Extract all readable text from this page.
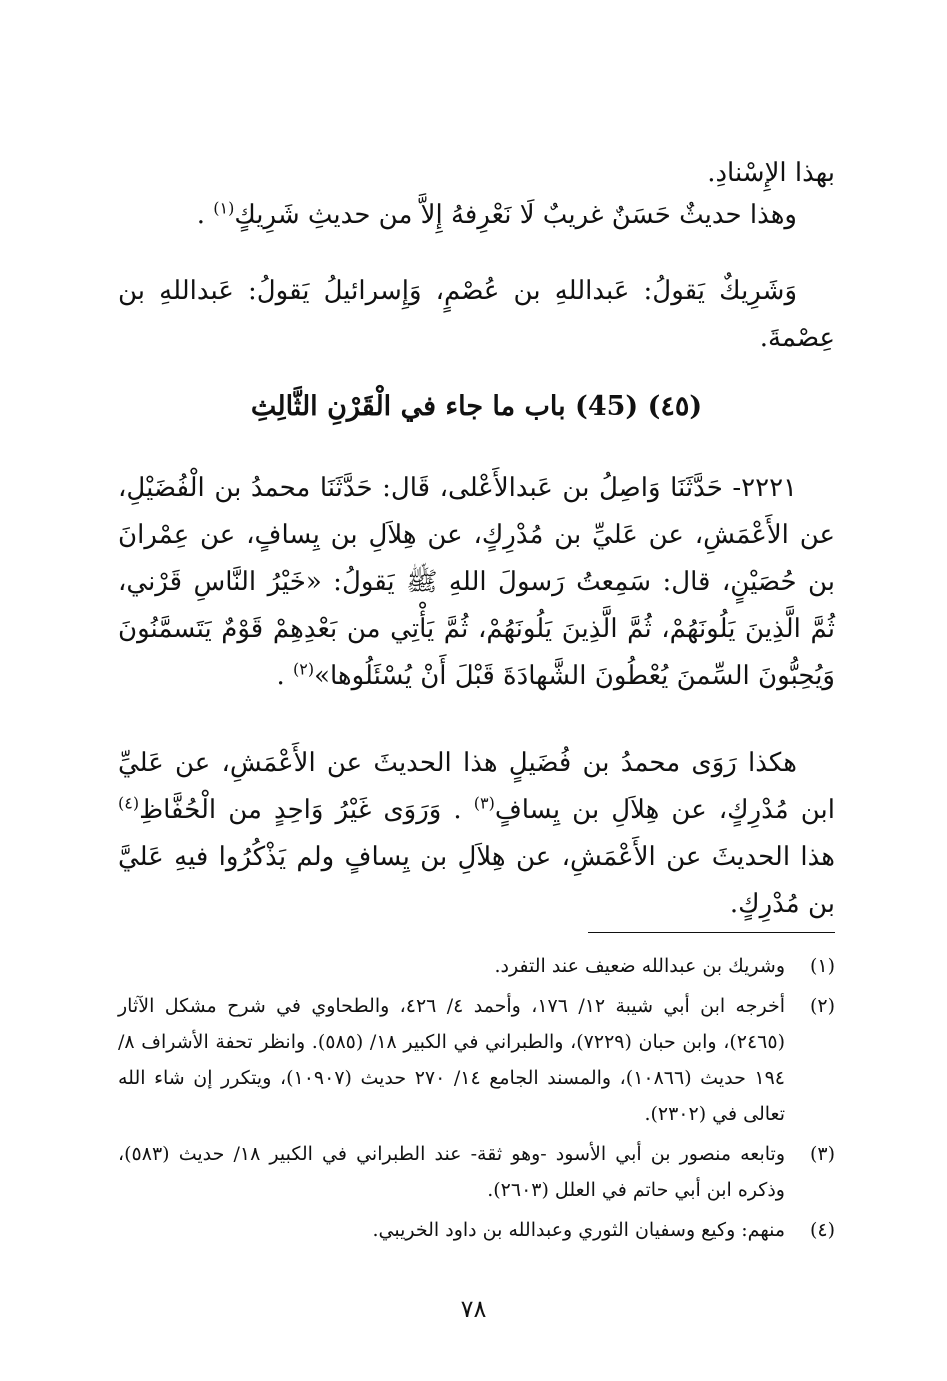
بهذا الإِسْنادِ.

وهذا حديثٌ حَسَنٌ غريبٌ لَا نَعْرِفهُ إِلاَّ من حديثِ شَرِيكٍ$^{(١)}$ .

وَشَرِيكٌ يَقولُ: عَبداللهِ بن عُصْمٍ، وَإِسرائيلُ يَقولُ: عَبداللهِ بن عِصْمةَ.

(٤٥) (45) باب ما جاء في الْقَرْنِ الثَّالِثِ

٢٢٢١- حَدَّثَنَا وَاصِلُ بن عَبدالأَعْلى، قَال: حَدَّثَنَا محمدُ بن الْفُضَيْلِ، عن الأَعْمَشِ، عن عَليِّ بن مُدْرِكٍ، عن هِلاَلِ بن يِسافٍ، عن عِمْرانَ بن حُصَيْنٍ، قال: سَمِعتُ رَسولَ اللهِ ﷺ يَقولُ: «خَيْرُ النَّاسِ قَرْني، ثُمَّ الَّذِينَ يَلُونَهُمْ، ثُمَّ الَّذِينَ يَلُونَهُمْ، ثُمَّ يَأْتِي من بَعْدِهِمْ قَوْمٌ يَتَسمَّنُونَ وَيُحِبُّونَ السِّمنَ يُعْطُونَ الشَّهادَةَ قَبْلَ أَنْ يُسْئَلُوها»$^{(٢)}$ .

هكذا رَوَى محمدُ بن فُضَيلٍ هذا الحديثَ عن الأَعْمَشِ، عن عَليِّ ابن مُدْرِكٍ، عن هِلاَلِ بن يِسافٍ$^{(٣)}$ . وَرَوَى غَيْرُ وَاحِدٍ من الْحُفَّاظِ$^{(٤)}$ هذا الحديثَ عن الأَعْمَشِ، عن هِلاَلِ بن يِسافٍ ولم يَذْكُرُوا فيهِ عَليَّ بن مُدْرِكٍ.

(١)
وشريك بن عبدالله ضعيف عند التفرد.
(٢)
أخرجه ابن أبي شيبة ١٢/ ١٧٦، وأحمد ٤/ ٤٢٦، والطحاوي في شرح مشكل الآثار (٢٤٦٥)، وابن حبان (٧٢٢٩)، والطبراني في الكبير ١٨/ (٥٨٥). وانظر تحفة الأشراف ٨/ ١٩٤ حديث (١٠٨٦٦)، والمسند الجامع ١٤/ ٢٧٠ حديث (١٠٩٠٧)، ويتكرر إن شاء الله تعالى في (٢٣٠٢).
(٣)
وتابعه منصور بن أبي الأسود -وهو ثقة- عند الطبراني في الكبير ١٨/ حديث (٥٨٣)، وذكره ابن أبي حاتم في العلل (٢٦٠٣).
(٤)
منهم: وكيع وسفيان الثوري وعبدالله بن داود الخريبي.
٧٨
